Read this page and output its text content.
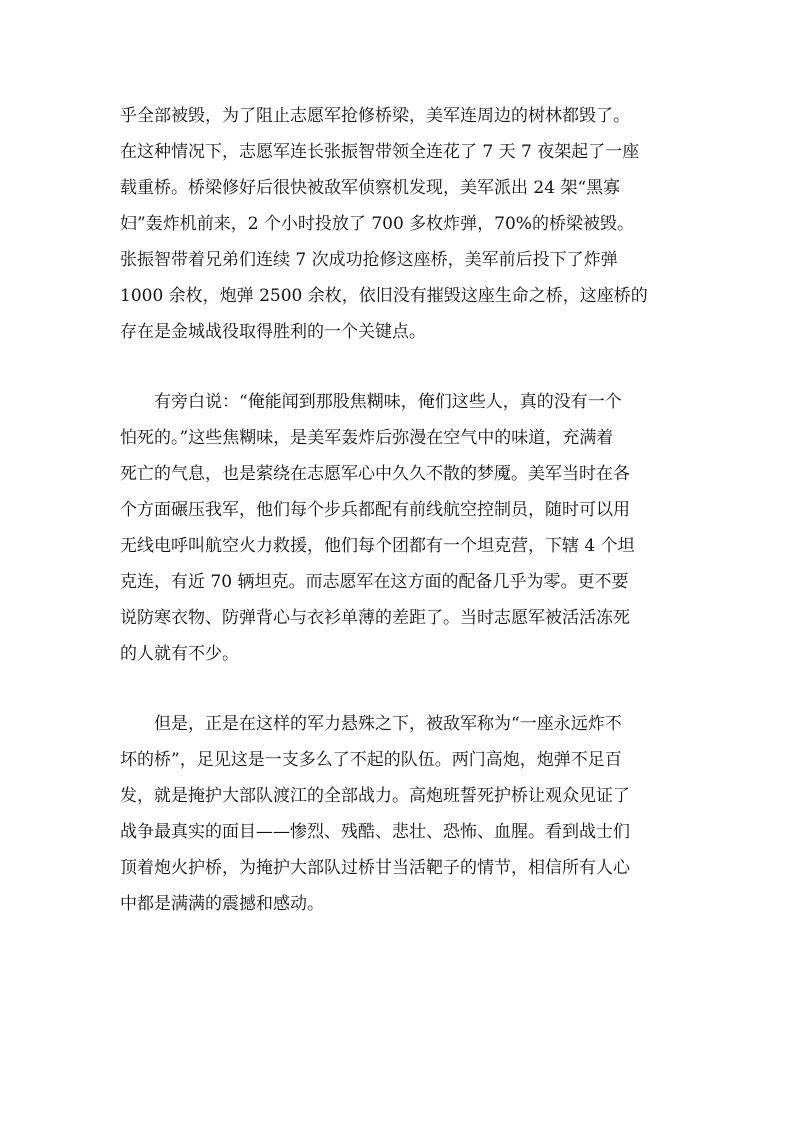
乎全部被毁，为了阻止志愿军抢修桥梁，美军连周边的树林都毁了。
在这种情况下，志愿军连长张振智带领全连花了 7 天 7 夜架起了一座
载重桥。桥梁修好后很快被敌军侦察机发现，美军派出 24 架“黑寡
妇”轰炸机前来，2 个小时投放了 700 多枚炸弹，70%的桥梁被毁。
张振智带着兄弟们连续 7 次成功抢修这座桥，美军前后投下了炸弹
1000 余枚，炮弹 2500 余枚，依旧没有摧毁这座生命之桥，这座桥的
存在是金城战役取得胜利的一个关键点。
有旁白说：“俺能闻到那股焦糊味，俺们这些人，真的没有一个
怕死的。”这些焦糊味，是美军轰炸后弥漫在空气中的味道，充满着
死亡的气息，也是萦绕在志愿军心中久久不散的梦魇。美军当时在各
个方面碾压我军，他们每个步兵都配有前线航空控制员，随时可以用
无线电呼叫航空火力救援，他们每个团都有一个坦克营，下辖 4 个坦
克连，有近 70 辆坦克。而志愿军在这方面的配备几乎为零。更不要
说防寒衣物、防弹背心与衣衫单薄的差距了。当时志愿军被活活冻死
的人就有不少。
但是，正是在这样的军力悬殊之下，被敌军称为“一座永远炸不
坏的桥”，足见这是一支多么了不起的队伍。两门高炮，炮弹不足百
发，就是掩护大部队渡江的全部战力。高炮班誓死护桥让观众见证了
战争最真实的面目——惨烈、残酷、悲壮、恐怖、血腥。看到战士们
顶着炮火护桥，为掩护大部队过桥甘当活靶子的情节，相信所有人心
中都是满满的震撼和感动。
